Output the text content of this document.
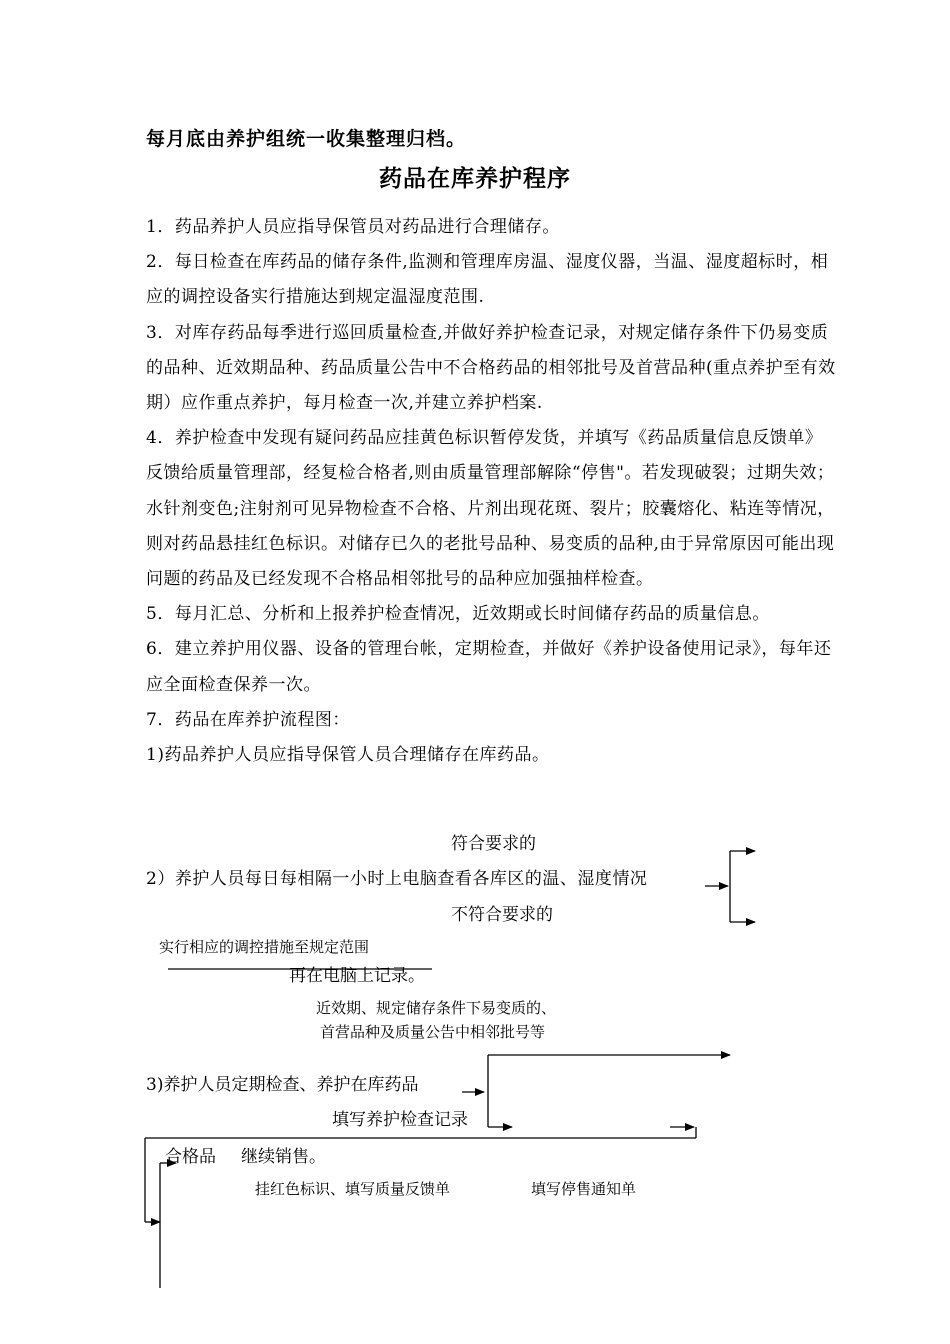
每月底由养护组统一收集整理归档。
药品在库养护程序

1．药品养护人员应指导保管员对药品进行合理储存。

2．每日检查在库药品的储存条件,监测和管理库房温、湿度仪器，当温、湿度超标时，相应的调控设备实行措施达到规定温湿度范围.

3．对库存药品每季进行巡回质量检查,并做好养护检查记录，对规定储存条件下仍易变质的品种、近效期品种、药品质量公告中不合格药品的相邻批号及首营品种(重点养护至有效期）应作重点养护，每月检查一次,并建立养护档案.

4．养护检查中发现有疑问药品应挂黄色标识暂停发货，并填写《药品质量信息反馈单》反馈给质量管理部，经复检合格者,则由质量管理部解除“停售"。若发现破裂；过期失效；水针剂变色;注射剂可见异物检查不合格、片剂出现花斑、裂片；胶囊熔化、粘连等情况，则对药品悬挂红色标识。对储存已久的老批号品种、易变质的品种,由于异常原因可能出现问题的药品及已经发现不合格品相邻批号的品种应加强抽样检查。

5．每月汇总、分析和上报养护检查情况，近效期或长时间储存药品的质量信息。

6．建立养护用仪器、设备的管理台帐，定期检查，并做好《养护设备使用记录》，每年还应全面检查保养一次。

7．药品在库养护流程图：

1)药品养护人员应指导保管人员合理储存在库药品。

符合要求的
2）养护人员每日每相隔一小时上电脑查看各库区的温、湿度情况
不符合要求的
实行相应的调控措施至规定范围
再在电脑上记录。
近效期、规定储存条件下易变质的、
首营品种及质量公告中相邻批号等
3)养护人员定期检查、养护在库药品
填写养护检查记录
合格品 继续销售。
挂红色标识、填写质量反馈单	填写停售通知单
